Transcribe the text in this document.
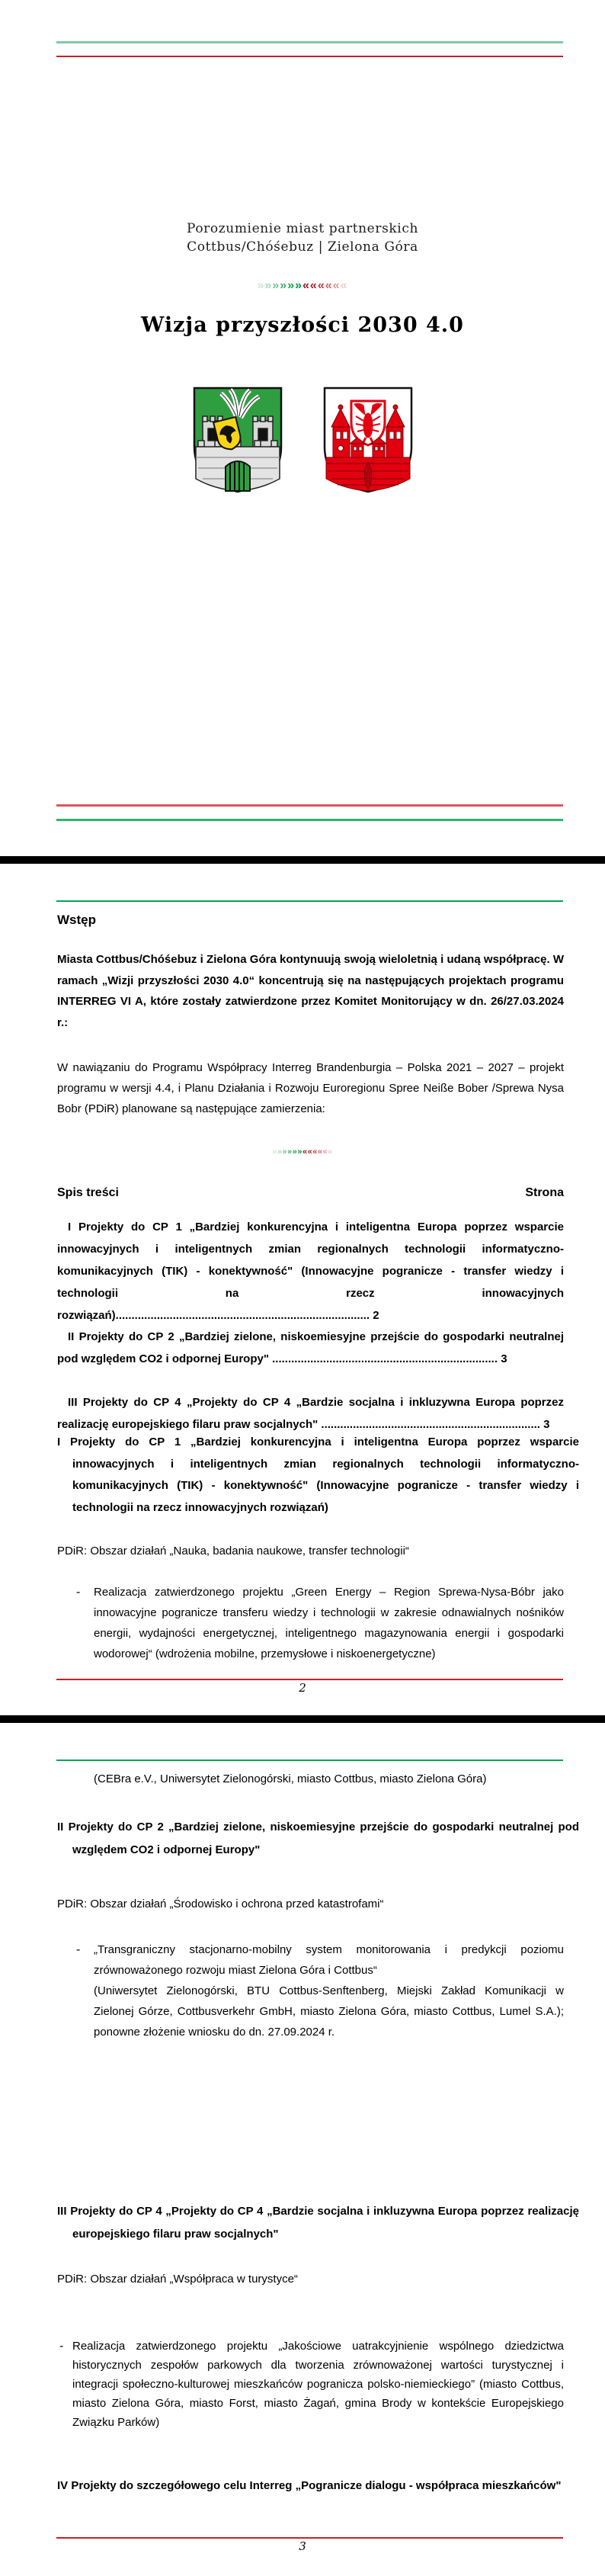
Porozumienie miast partnerskich
Cottbus/Chóśebuz | Zielona Góra
»»»»»»««««««
Wizja przyszłości 2030 4.0
Wstęp

Miasta Cottbus/Chóśebuz i Zielona Góra kontynuują swoją wieloletnią i udaną współpracę. W ramach „Wizji przyszłości 2030 4.0“ koncentrują się na następujących projektach programu INTERREG VI A, które zostały zatwierdzone przez Komitet Monitorujący w dn. 26/27.03.2024 r.:

W nawiązaniu do Programu Współpracy Interreg Brandenburgia – Polska 2021 – 2027 – projekt programu w wersji 4.4, i Planu Działania i Rozwoju Euroregionu Spree Neiße Bober /Sprewa Nysa Bobr (PDiR) planowane są następujące zamierzenia:

»»»»»»««««««
Spis treści	Strona

I Projekty do CP 1 „Bardziej konkurencyjna i inteligentna Europa poprzez wsparcie innowacyjnych i inteligentnych zmian regionalnych technologii informatyczno-komunikacyjnych (TIK) - konektywność" (Innowacyjne pogranicze - transfer wiedzy i technologii na rzecz innowacyjnych rozwiązań)................................................................................ 2

II Projekty do CP 2 „Bardziej zielone, niskoemiesyjne przejście do gospodarki neutralnej pod względem CO2 i odpornej Europy" ....................................................................... 3

III Projekty do CP 4 „Projekty do CP 4 „Bardzie socjalna i inkluzywna Europa poprzez realizację europejskiego filaru praw socjalnych" ..................................................................... 3

I Projekty do CP 1 „Bardziej konkurencyjna i inteligentna Europa poprzez wsparcie innowacyjnych i inteligentnych zmian regionalnych technologii informatyczno-komunikacyjnych (TIK) - konektywność" (Innowacyjne pogranicze - transfer wiedzy i technologii na rzecz innowacyjnych rozwiązań)

PDiR: Obszar działań „Nauka, badania naukowe, transfer technologii“

-	Realizacja zatwierdzonego projektu „Green Energy – Region Sprewa-Nysa-Bóbr jako innowacyjne pogranicze transferu wiedzy i technologii w zakresie odnawialnych nośników energii, wydajności energetycznej, inteligentnego magazynowania energii i gospodarki wodorowej“ (wdrożenia mobilne, przemysłowe i niskoenergetyczne)
2

(CEBra e.V., Uniwersytet Zielonogórski, miasto Cottbus, miasto Zielona Góra)

II Projekty do CP 2 „Bardziej zielone, niskoemiesyjne przejście do gospodarki neutralnej pod względem CO2 i odpornej Europy"

PDiR: Obszar działań „Środowisko i ochrona przed katastrofami“

-	„Transgraniczny stacjonarno-mobilny system monitorowania i predykcji poziomu zrównoważonego rozwoju miast Zielona Góra i Cottbus“
(Uniwersytet Zielonogórski, BTU Cottbus-Senftenberg, Miejski Zakład Komunikacji w Zielonej Górze, Cottbusverkehr GmbH, miasto Zielona Góra, miasto Cottbus, Lumel S.A.); ponowne złożenie wniosku do dn. 27.09.2024 r.

III Projekty do CP 4 „Projekty do CP 4 „Bardzie socjalna i inkluzywna Europa poprzez realizację europejskiego filaru praw socjalnych"

PDiR: Obszar działań „Współpraca w turystyce“

- Realizacja zatwierdzonego projektu „Jakościowe uatrakcyjnienie wspólnego dziedzictwa historycznych zespołów parkowych dla tworzenia zrównoważonej wartości turystycznej i integracji społeczno-kulturowej mieszkańców pogranicza polsko-niemieckiego” (miasto Cottbus, miasto Zielona Góra, miasto Forst, miasto Żagań, gmina Brody w kontekście Europejskiego Związku Parków)

IV Projekty do szczegółowego celu Interreg „Pogranicze dialogu - współpraca mieszkańców"

3
